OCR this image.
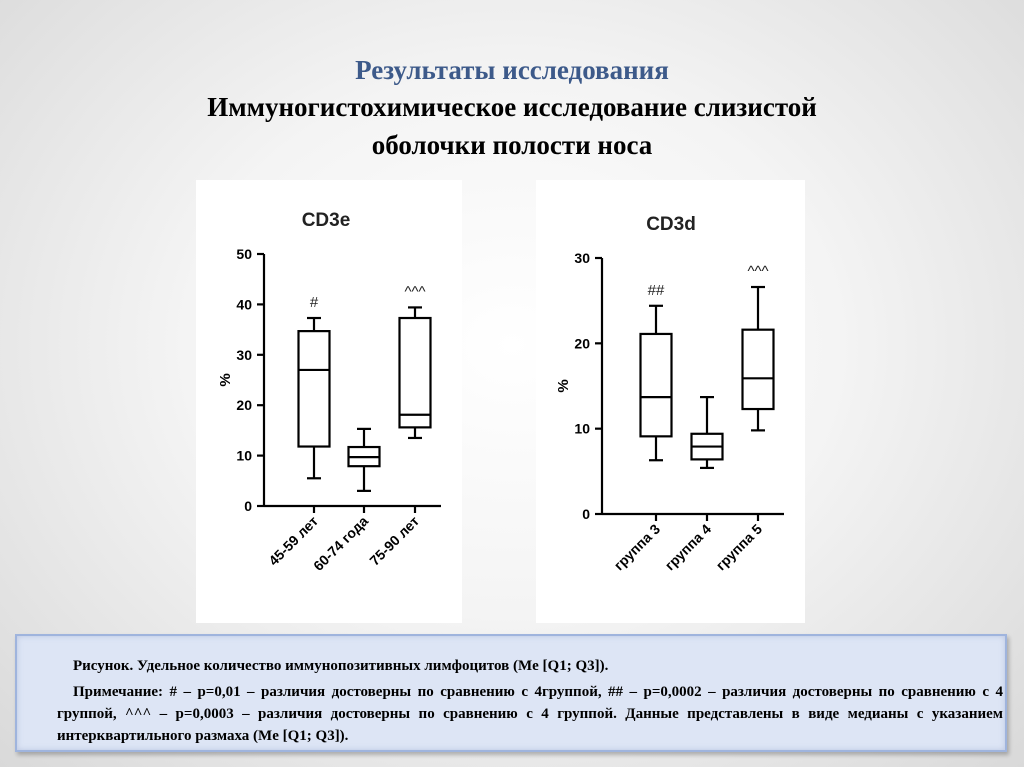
Результаты исследования
Иммуногистохимическое исследование слизистой
оболочки полости носа
CD3e
%
0
10
20
30
40
50
#
45-59 лет
60-74 года
^^^
75-90 лет
CD3d
%
0
10
20
30
##
группа 3
группа 4
^^^
группа 5
Рисунок. Удельное количество иммунопозитивных лимфоцитов (Me [Q1; Q3]).
Примечание: # – p=0,01 – различия достоверны по сравнению с 4группой, ## – p=0,0002 – различия достоверны по сравнению с 4 группой, ^^^ – p=0,0003 – различия достоверны по сравнению с 4 группой. Данные представлены в виде медианы с указанием интерквартильного размаха (Me [Q1; Q3]).
